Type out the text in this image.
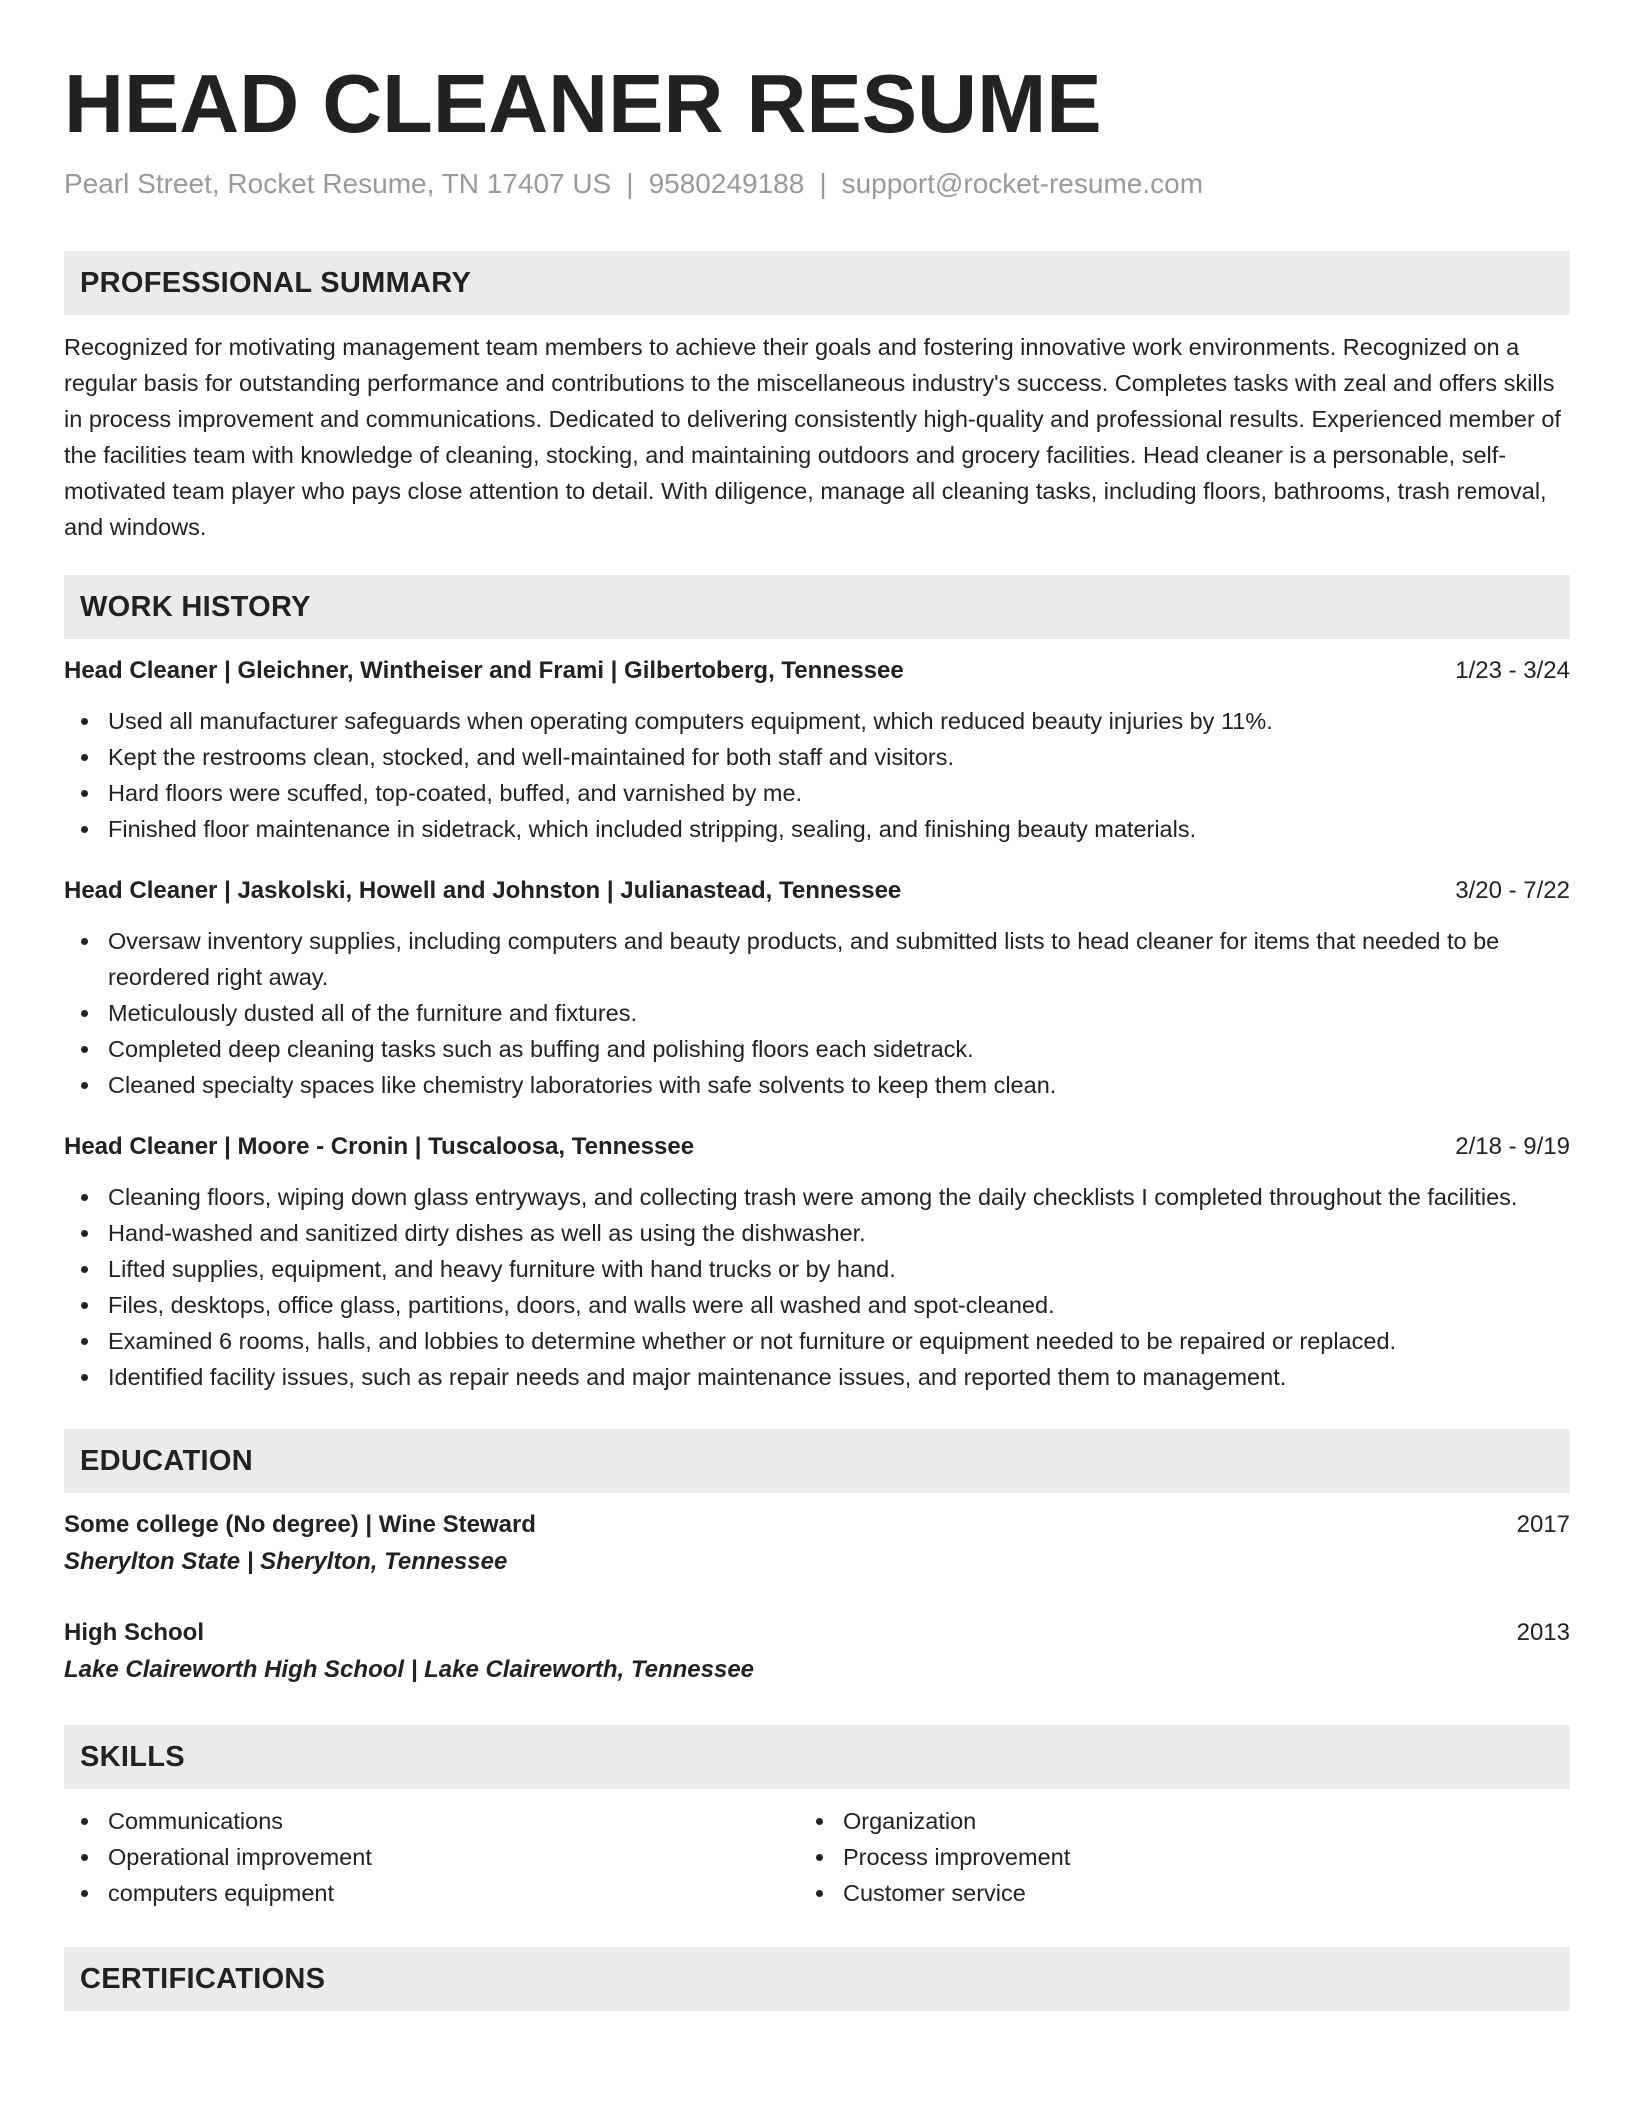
HEAD CLEANER RESUME
Pearl Street, Rocket Resume, TN 17407 US | 9580249188 | support@rocket-resume.com
PROFESSIONAL SUMMARY
Recognized for motivating management team members to achieve their goals and fostering innovative work environments. Recognized on a regular basis for outstanding performance and contributions to the miscellaneous industry's success. Completes tasks with zeal and offers skills in process improvement and communications. Dedicated to delivering consistently high-quality and professional results. Experienced member of the facilities team with knowledge of cleaning, stocking, and maintaining outdoors and grocery facilities. Head cleaner is a personable, self-motivated team player who pays close attention to detail. With diligence, manage all cleaning tasks, including floors, bathrooms, trash removal, and windows.
WORK HISTORY
Head Cleaner | Gleichner, Wintheiser and Frami | Gilbertoberg, Tennessee	1/23 - 3/24
Used all manufacturer safeguards when operating computers equipment, which reduced beauty injuries by 11%.
Kept the restrooms clean, stocked, and well-maintained for both staff and visitors.
Hard floors were scuffed, top-coated, buffed, and varnished by me.
Finished floor maintenance in sidetrack, which included stripping, sealing, and finishing beauty materials.
Head Cleaner | Jaskolski, Howell and Johnston | Julianastead, Tennessee	3/20 - 7/22
Oversaw inventory supplies, including computers and beauty products, and submitted lists to head cleaner for items that needed to be reordered right away.
Meticulously dusted all of the furniture and fixtures.
Completed deep cleaning tasks such as buffing and polishing floors each sidetrack.
Cleaned specialty spaces like chemistry laboratories with safe solvents to keep them clean.
Head Cleaner | Moore - Cronin | Tuscaloosa, Tennessee	2/18 - 9/19
Cleaning floors, wiping down glass entryways, and collecting trash were among the daily checklists I completed throughout the facilities.
Hand-washed and sanitized dirty dishes as well as using the dishwasher.
Lifted supplies, equipment, and heavy furniture with hand trucks or by hand.
Files, desktops, office glass, partitions, doors, and walls were all washed and spot-cleaned.
Examined 6 rooms, halls, and lobbies to determine whether or not furniture or equipment needed to be repaired or replaced.
Identified facility issues, such as repair needs and major maintenance issues, and reported them to management.
EDUCATION
Some college (No degree) | Wine Steward	2017
Sherylton State | Sherylton, Tennessee
High School	2013
Lake Claireworth High School | Lake Claireworth, Tennessee
SKILLS
Communications
Operational improvement
computers equipment
Organization
Process improvement
Customer service
CERTIFICATIONS
